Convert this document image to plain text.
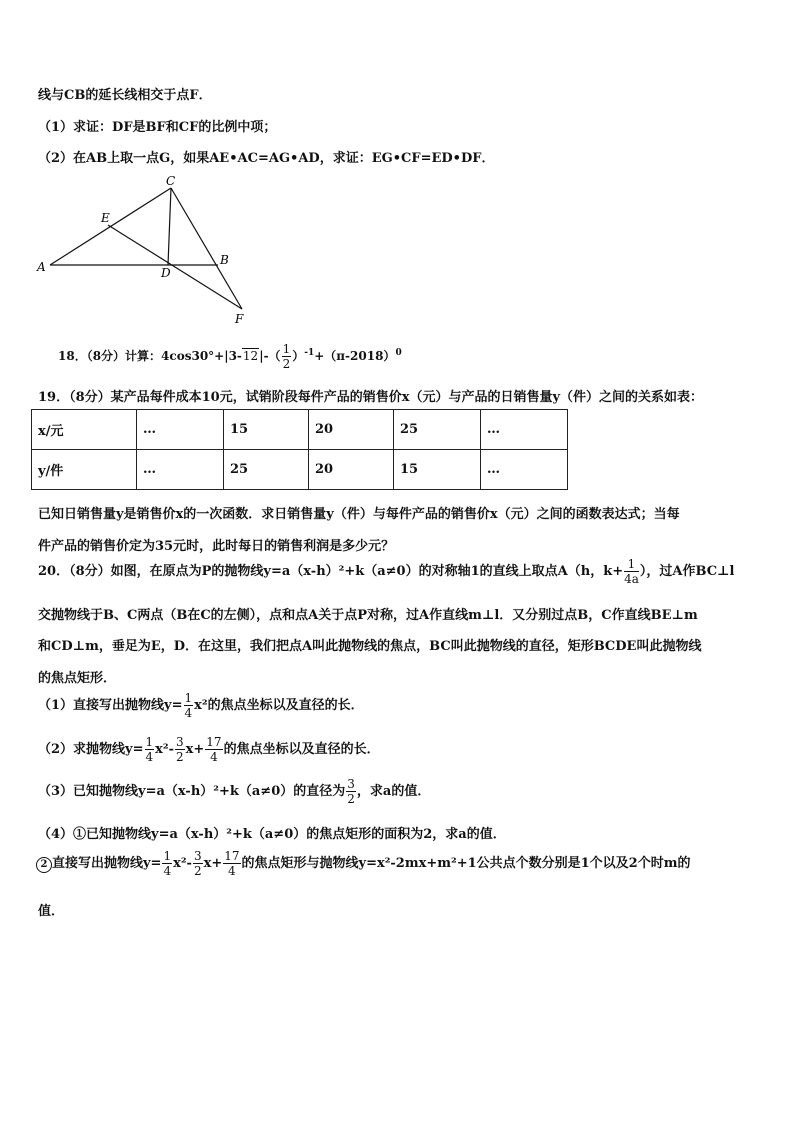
线与CB的延长线相交于点F．
（1）求证：DF是BF和CF的比例中项；
（2）在AB上取一点G，如果AE•AC=AG•AD，求证：EG•CF=ED•DF．
C
E
A	D
B
F
18．（8分）计算：$4\cos 30^\circ+|3-12|-( \frac{1}{2} )^{-1}+(\pi-2018)^0$
19．（8分）某产品每件成本10元，试销阶段每件产品的销售价x（元）与产品的日销售量y（件）之间的关系如表：
x/元	…	15	20	25	…
y/件	…	25	20	15	…
已知日销售量y是销售价x的一次函数．求日销售量y（件）与每件产品的销售价x（元）之间的函数表达式；当每
件产品的销售价定为35元时，此时每日的销售利润是多少元？
20．（8分）如图，在原点为P的抛物线y=a（x-h）²+k（a≠0）的对称轴1的直线上取点A（h，$k+ \frac{1}{4a}$ ），过A作BC⊥l
交抛物线于B、C两点（B在C的左侧），点和点A关于点P对称，过A作直线m⊥l．又分别过点B，C作直线BE⊥m
和CD⊥m，垂足为E，D．在这里，我们把点A叫此抛物线的焦点，BC叫此抛物线的直径，矩形BCDE叫此抛物线
的焦点矩形．
（1）直接写出抛物线$y= \frac{1}{4} x^2$的焦点坐标以及直径的长．
（2）求抛物线$y= \frac{1}{4} x^2- \frac{3}{2} x+ \frac{17}{4}$ 的焦点坐标以及直径的长．
（3）已知抛物线y=a（x-h）²+k（a≠0）的直径为 $\frac{3}{2}$ ，求a的值．
（4）①已知抛物线y=a（x-h）²+k（a≠0）的焦点矩形的面积为2，求a的值．
2 直接写出抛物线$y= \frac{1}{4} x^2- \frac{3}{2} x+ \frac{17}{4}$ 的焦点矩形与抛物线y=x²-2mx+m²+1公共点个数分别是1个以及2个时m的
值．
